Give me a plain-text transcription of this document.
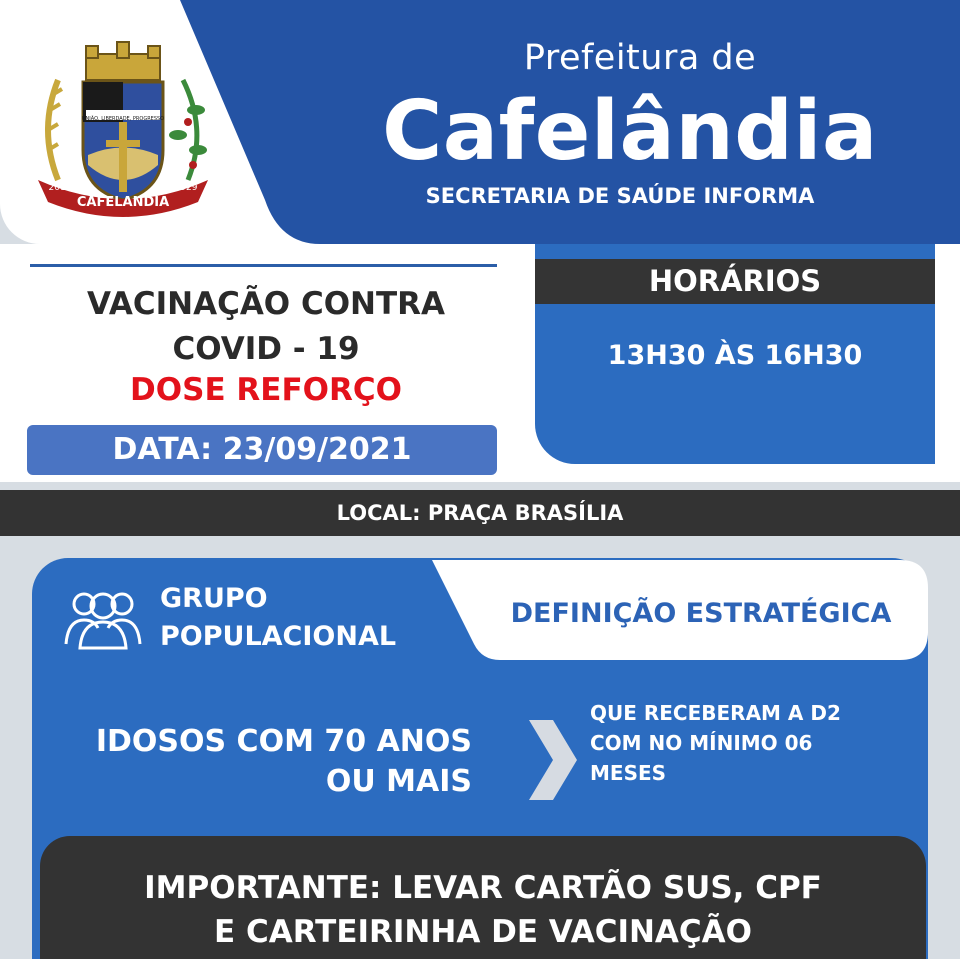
CAFELANDIA
2017	1929
UNIÃO, LIBERDADE, PROGRESSO
Prefeitura de
Cafelândia
SECRETARIA DE SAÚDE INFORMA
VACINAÇÃO CONTRA
COVID - 19
DOSE REFORÇO
DATA: 23/09/2021
HORÁRIOS
13H30 ÀS 16H30
LOCAL: PRAÇA BRASÍLIA
GRUPO
POPULACIONAL
DEFINIÇÃO ESTRATÉGICA
IDOSOS COM 70 ANOS
OU MAIS
QUE RECEBERAM A D2
COM NO MÍNIMO 06
MESES
IMPORTANTE: LEVAR CARTÃO SUS, CPF
E CARTEIRINHA DE VACINAÇÃO
